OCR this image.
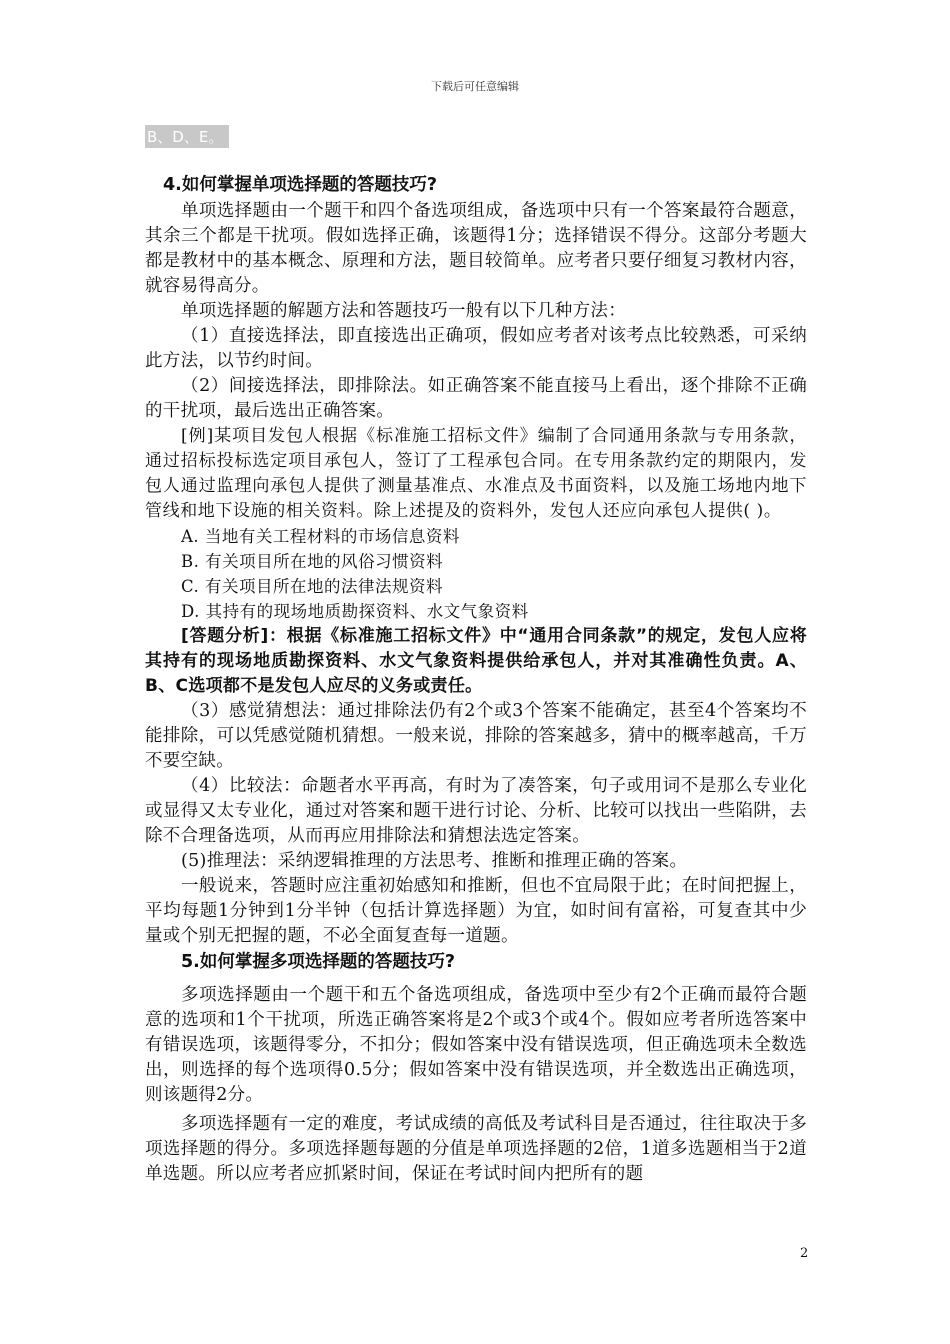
下载后可任意编辑
B、D、E。
4.如何掌握单项选择题的答题技巧?

单项选择题由一个题干和四个备选项组成，备选项中只有一个答案最符合题意，其余三个都是干扰项。假如选择正确，该题得1分；选择错误不得分。这部分考题大都是教材中的基本概念、原理和方法，题目较简单。应考者只要仔细复习教材内容，就容易得高分。

单项选择题的解题方法和答题技巧一般有以下几种方法：

（1）直接选择法，即直接选出正确项，假如应考者对该考点比较熟悉，可采纳此方法，以节约时间。

（2）间接选择法，即排除法。如正确答案不能直接马上看出，逐个排除不正确的干扰项，最后选出正确答案。

[例]某项目发包人根据《标准施工招标文件》编制了合同通用条款与专用条款，通过招标投标选定项目承包人，签订了工程承包合同。在专用条款约定的期限内，发包人通过监理向承包人提供了测量基准点、水准点及书面资料，以及施工场地内地下管线和地下设施的相关资料。除上述提及的资料外，发包人还应向承包人提供( )。

A. 当地有关工程材料的市场信息资料

B. 有关项目所在地的风俗习惯资料

C. 有关项目所在地的法律法规资料

D. 其持有的现场地质勘探资料、水文气象资料

[答题分析]：根据《标准施工招标文件》中“通用合同条款”的规定，发包人应将其持有的现场地质勘探资料、水文气象资料提供给承包人，并对其准确性负责。A、B、C选项都不是发包人应尽的义务或责任。

（3）感觉猜想法：通过排除法仍有2个或3个答案不能确定，甚至4个答案均不能排除，可以凭感觉随机猜想。一般来说，排除的答案越多，猜中的概率越高，千万不要空缺。

（4）比较法：命题者水平再高，有时为了凑答案，句子或用词不是那么专业化或显得又太专业化，通过对答案和题干进行讨论、分析、比较可以找出一些陷阱，去除不合理备选项，从而再应用排除法和猜想法选定答案。

(5)推理法：采纳逻辑推理的方法思考、推断和推理正确的答案。

一般说来，答题时应注重初始感知和推断，但也不宜局限于此；在时间把握上，平均每题1分钟到1分半钟（包括计算选择题）为宜，如时间有富裕，可复查其中少量或个别无把握的题，不必全面复查每一道题。

5.如何掌握多项选择题的答题技巧?

多项选择题由一个题干和五个备选项组成，备选项中至少有2个正确而最符合题意的选项和1个干扰项，所选正确答案将是2个或3个或4个。假如应考者所选答案中有错误选项，该题得零分，不扣分；假如答案中没有错误选项，但正确选项未全数选出，则选择的每个选项得0.5分；假如答案中没有错误选项，并全数选出正确选项，则该题得2分。

多项选择题有一定的难度，考试成绩的高低及考试科目是否通过，往往取决于多项选择题的得分。多项选择题每题的分值是单项选择题的2倍，1道多选题相当于2道单选题。所以应考者应抓紧时间，保证在考试时间内把所有的题

2
